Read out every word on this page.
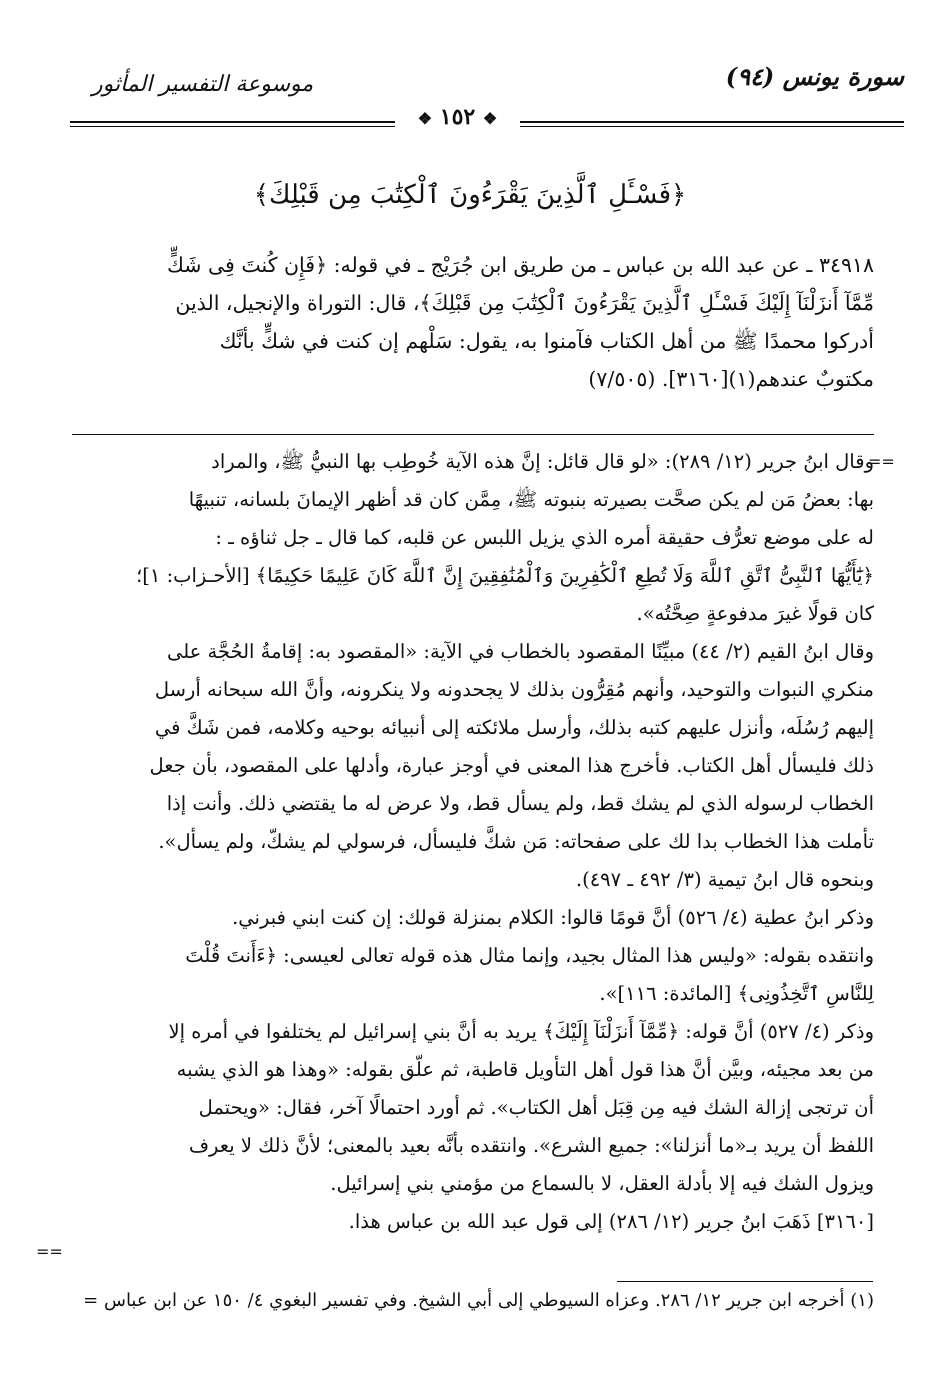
سورة يونس (٩٤)
موسوعة التفسير المأثور
❖ ١٥٢ ❖
﴿فَسْـَٔلِ ٱلَّذِينَ يَقْرَءُونَ ٱلْكِتَٰبَ مِن قَبْلِكَ﴾
٣٤٩١٨ ـ عن عبد الله بن عباس ـ من طريق ابن جُرَيْج ـ في قوله: ﴿فَإِن كُنتَ فِى شَكٍّ
مِّمَّآ أَنزَلْنَآ إِلَيْكَ فَسْـَٔلِ ٱلَّذِينَ يَقْرَءُونَ ٱلْكِتَٰبَ مِن قَبْلِكَ﴾، قال: التوراة والإنجيل، الذين
أدركوا محمدًا ﷺ من أهل الكتاب فآمنوا به، يقول: سَلْهم إن كنت في شكٍّ بأنَّك
مكتوبٌ عندهم(١)[٣١٦٠]. (٧/٥٠٥)
==
وقال ابنُ جرير (١٢/ ٢٨٩): «لو قال قائل: إنَّ هذه الآية خُوطِب بها النبيُّ ﷺ، والمراد
بها: بعضُ مَن لم يكن صحَّت بصيرته بنبوته ﷺ، مِمَّن كان قد أظهر الإيمانَ بلسانه، تنبيهًا
له على موضع تعرُّف حقيقة أمره الذي يزيل اللبس عن قلبه، كما قال ـ جل ثناؤه ـ :
﴿يَٰٓأَيُّهَا ٱلنَّبِىُّ ٱتَّقِ ٱللَّهَ وَلَا تُطِعِ ٱلْكَٰفِرِينَ وَٱلْمُنَٰفِقِينَ إِنَّ ٱللَّهَ كَانَ عَلِيمًا حَكِيمًا﴾ [الأحـزاب: ١]؛
كان قولًا غيرَ مدفوعةٍ صِحَّتُه».
وقال ابنُ القيم (٢/ ٤٤) مبيِّنًا المقصود بالخطاب في الآية: «المقصود به: إقامةُ الحُجَّة على
منكري النبوات والتوحيد، وأنهم مُقِرُّون بذلك لا يجحدونه ولا ينكرونه، وأنَّ الله سبحانه أرسل
إليهم رُسُلَه، وأنزل عليهم كتبه بذلك، وأرسل ملائكته إلى أنبيائه بوحيه وكلامه، فمن شَكَّ في
ذلك فليسأل أهل الكتاب. فأخرج هذا المعنى في أوجز عبارة، وأدلها على المقصود، بأن جعل
الخطاب لرسوله الذي لم يشك قط، ولم يسأل قط، ولا عرض له ما يقتضي ذلك. وأنت إذا
تأملت هذا الخطاب بدا لك على صفحاته: مَن شكَّ فليسأل، فرسولي لم يشكّ، ولم يسأل».
وبنحوه قال ابنُ تيمية (٣/ ٤٩٢ ـ ٤٩٧).
وذكر ابنُ عطية (٤/ ٥٢٦) أنَّ قومًا قالوا: الكلام بمنزلة قولك: إن كنت ابني فبرني.
وانتقده بقوله: «وليس هذا المثال بجيد، وإنما مثال هذه قوله تعالى لعيسى: ﴿ءَأَنتَ قُلْتَ
لِلنَّاسِ ٱتَّخِذُونِى﴾ [المائدة: ١١٦]».
وذكر (٤/ ٥٢٧) أنَّ قوله: ﴿مِّمَّآ أَنزَلْنَآ إِلَيْكَ﴾ يريد به أنَّ بني إسرائيل لم يختلفوا في أمره إلا
من بعد مجيئه، وبيَّن أنَّ هذا قول أهل التأويل قاطبة، ثم علّق بقوله: «وهذا هو الذي يشبه
أن ترتجى إزالة الشك فيه مِن قِبَل أهل الكتاب». ثم أورد احتمالًا آخر، فقال: «ويحتمل
اللفظ أن يريد بـ«ما أنزلنا»: جميع الشرع». وانتقده بأنَّه بعيد بالمعنى؛ لأنَّ ذلك لا يعرف
ويزول الشك فيه إلا بأدلة العقل، لا بالسماع من مؤمني بني إسرائيل.
[٣١٦٠] ذَهَبَ ابنُ جرير (١٢/ ٢٨٦) إلى قول عبد الله بن عباس هذا.
==
(١) أخرجه ابن جرير ١٢/ ٢٨٦. وعزاه السيوطي إلى أبي الشيخ. وفي تفسير البغوي ٤/ ١٥٠ عن ابن عباس =
